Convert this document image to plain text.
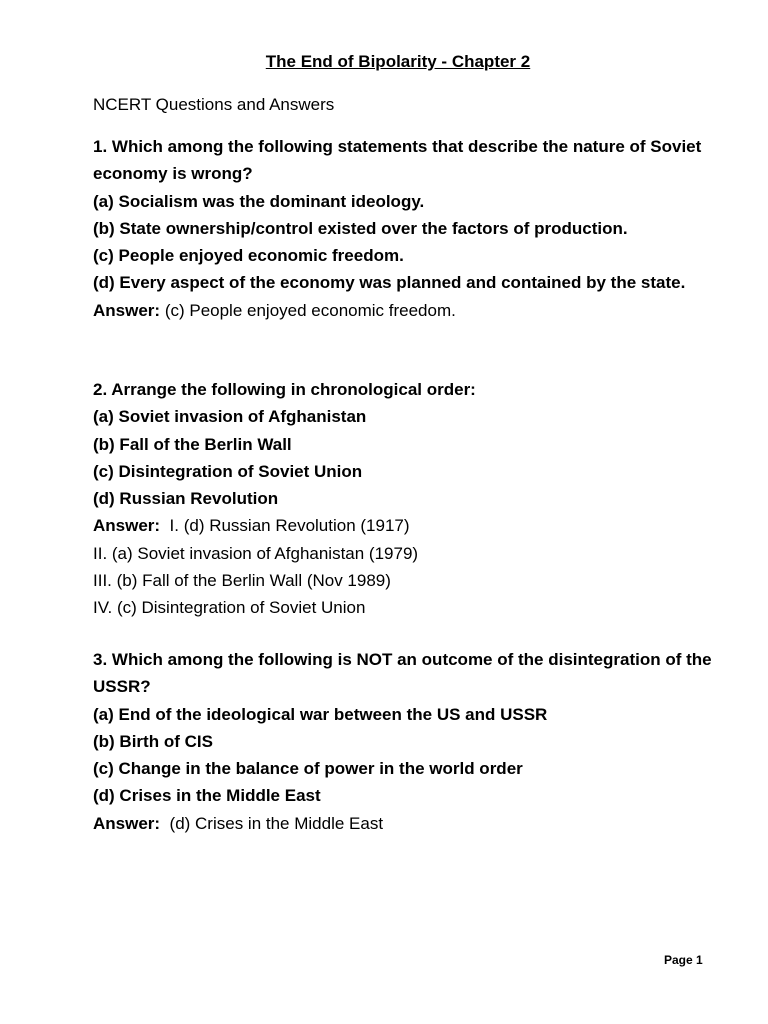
The End of Bipolarity - Chapter 2

NCERT Questions and Answers

1. Which among the following statements that describe the nature of Soviet economy is wrong?
(a) Socialism was the dominant ideology.
(b) State ownership/control existed over the factors of production.
(c) People enjoyed economic freedom.
(d) Every aspect of the economy was planned and contained by the state.
Answer: (c) People enjoyed economic freedom.
2. Arrange the following in chronological order:
(a) Soviet invasion of Afghanistan
(b) Fall of the Berlin Wall
(c) Disintegration of Soviet Union
(d) Russian Revolution
Answer: I. (d) Russian Revolution (1917)
II. (a) Soviet invasion of Afghanistan (1979)
III. (b) Fall of the Berlin Wall (Nov 1989)
IV. (c) Disintegration of Soviet Union
3. Which among the following is NOT an outcome of the disintegration of the USSR?
(a) End of the ideological war between the US and USSR
(b) Birth of CIS
(c) Change in the balance of power in the world order
(d) Crises in the Middle East
Answer: (d) Crises in the Middle East
Page 1
